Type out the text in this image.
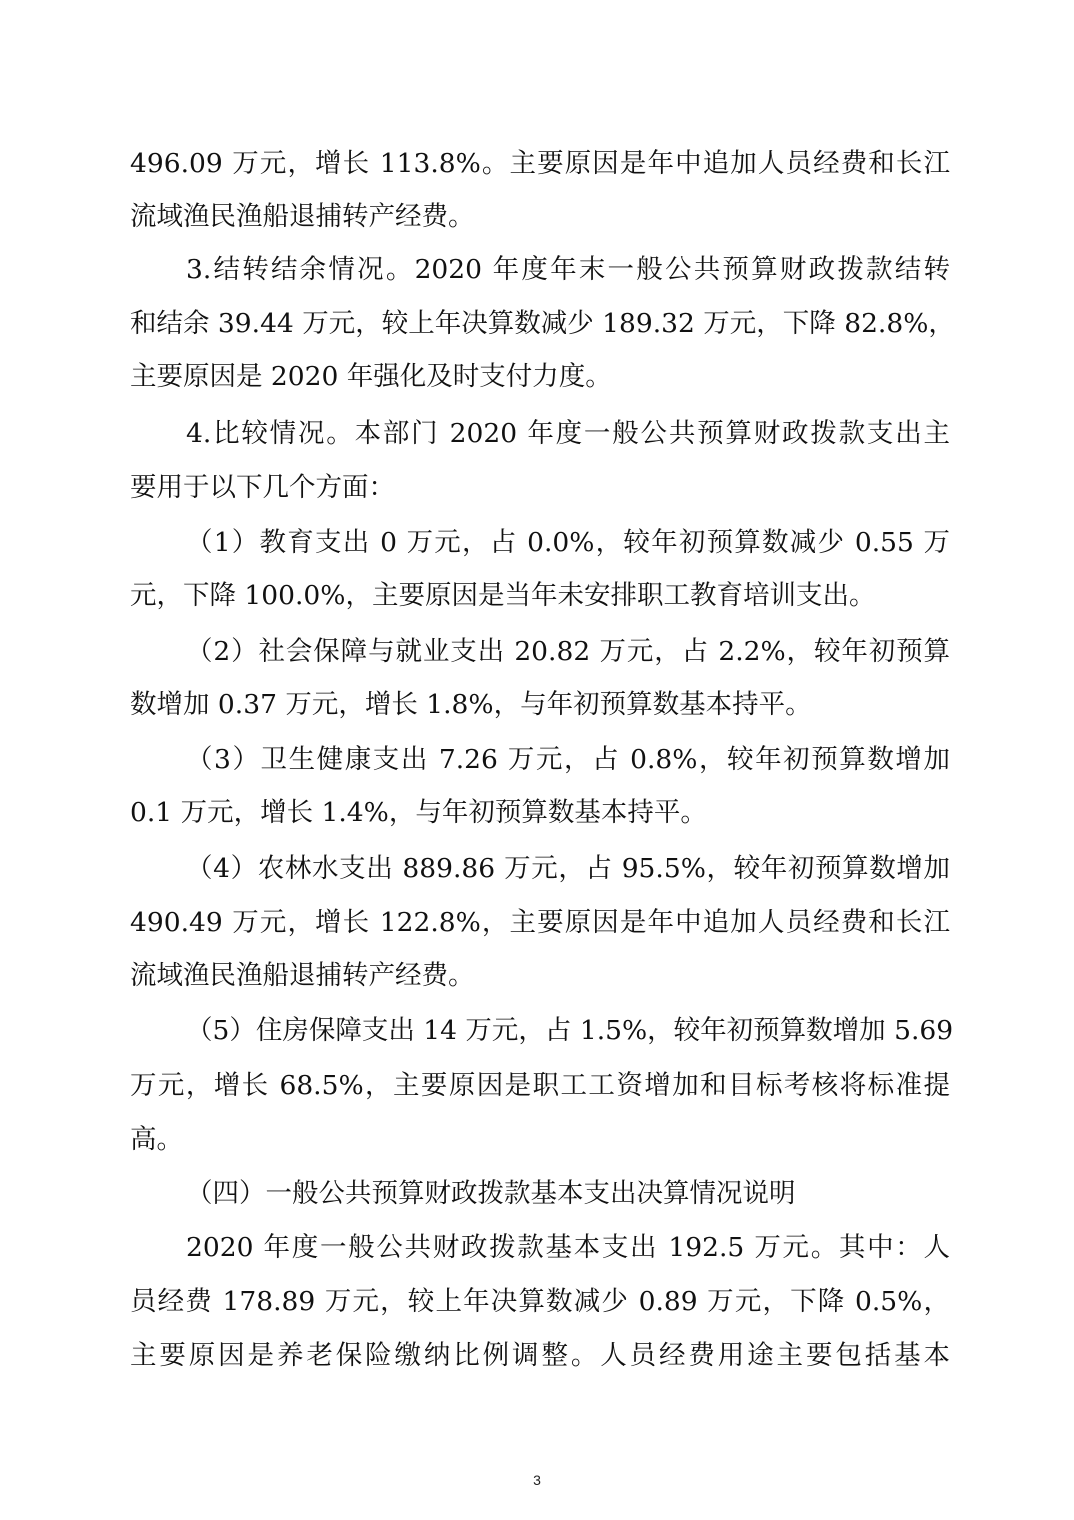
496.09 万元，增长 113.8%。主要原因是年中追加人员经费和长江
流域渔民渔船退捕转产经费。
3.结转结余情况。2020 年度年末一般公共预算财政拨款结转
和结余 39.44 万元，较上年决算数减少 189.32 万元，下降 82.8%，
主要原因是 2020 年强化及时支付力度。
4.比较情况。本部门 2020 年度一般公共预算财政拨款支出主
要用于以下几个方面：
（1）教育支出 0 万元，占 0.0%，较年初预算数减少 0.55 万
元，下降 100.0%，主要原因是当年未安排职工教育培训支出。
（2）社会保障与就业支出 20.82 万元，占 2.2%，较年初预算
数增加 0.37 万元，增长 1.8%，与年初预算数基本持平。
（3）卫生健康支出 7.26 万元，占 0.8%，较年初预算数增加
0.1 万元，增长 1.4%，与年初预算数基本持平。
（4）农林水支出 889.86 万元，占 95.5%，较年初预算数增加
490.49 万元，增长 122.8%，主要原因是年中追加人员经费和长江
流域渔民渔船退捕转产经费。
（5）住房保障支出 14 万元，占 1.5%，较年初预算数增加 5.69
万元，增长 68.5%，主要原因是职工工资增加和目标考核将标准提
高。
（四）一般公共预算财政拨款基本支出决算情况说明
2020 年度一般公共财政拨款基本支出 192.5 万元。其中：人
员经费 178.89 万元，较上年决算数减少 0.89 万元，下降 0.5%，
主要原因是养老保险缴纳比例调整。人员经费用途主要包括基本
3
